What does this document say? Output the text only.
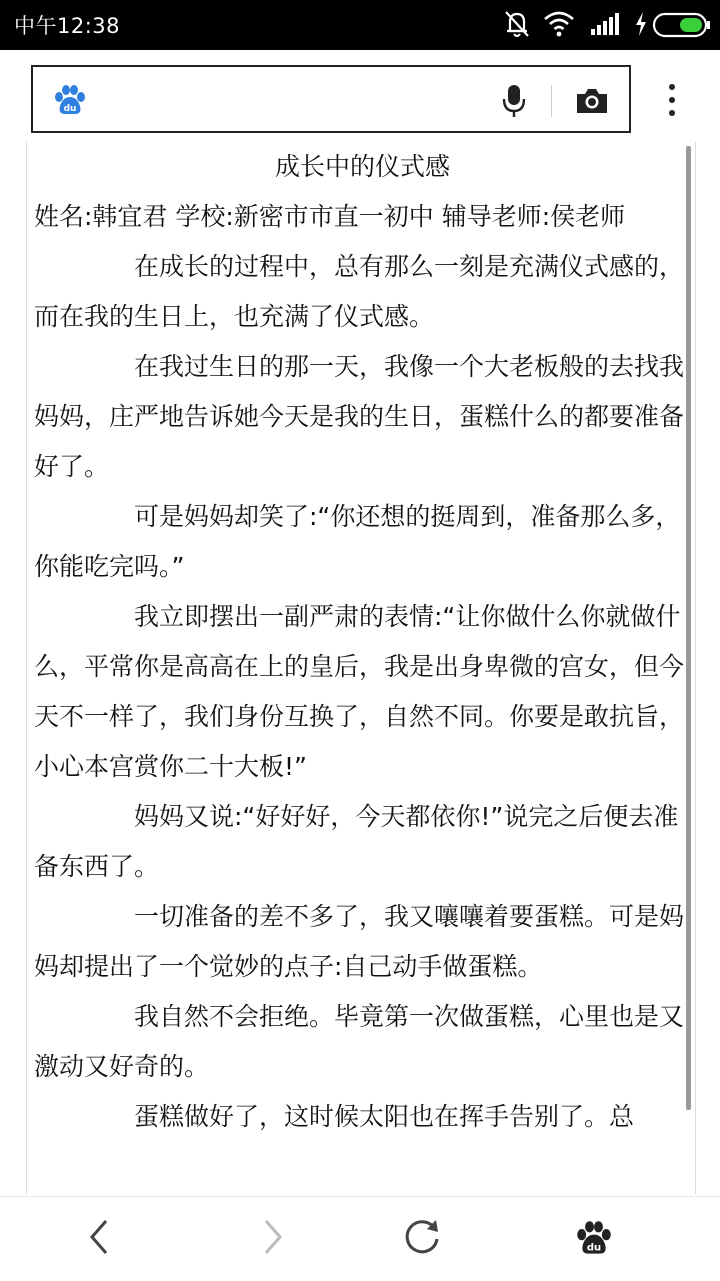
中午12:38
du

成长中的仪式感

姓名:韩宜君 学校:新密市市直一初中 辅导老师:侯老师

在成长的过程中，总有那么一刻是充满仪式感的，而在我的生日上，也充满了仪式感。

在我过生日的那一天，我像一个大老板般的去找我妈妈，庄严地告诉她今天是我的生日，蛋糕什么的都要准备好了。

可是妈妈却笑了:“你还想的挺周到，准备那么多，你能吃完吗。”

我立即摆出一副严肃的表情:“让你做什么你就做什么，平常你是高高在上的皇后，我是出身卑微的宫女，但今天不一样了，我们身份互换了，自然不同。你要是敢抗旨，小心本宫赏你二十大板!”

妈妈又说:“好好好，今天都依你!”说完之后便去准备东西了。

一切准备的差不多了，我又嚷嚷着要蛋糕。可是妈妈却提出了一个觉妙的点子:自己动手做蛋糕。

我自然不会拒绝。毕竟第一次做蛋糕，心里也是又激动又好奇的。

蛋糕做好了，这时候太阳也在挥手告别了。总

du
